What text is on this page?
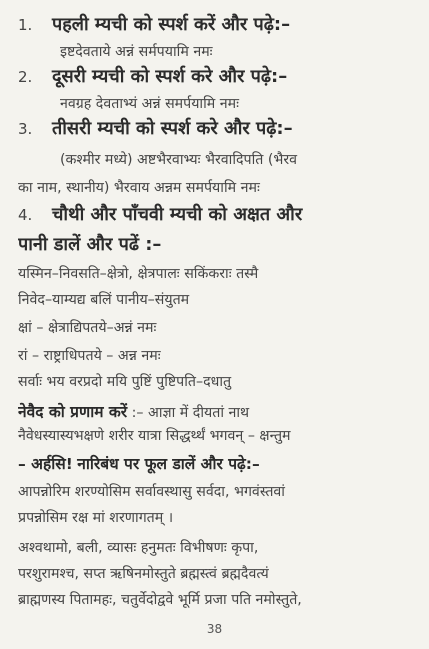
1. पहली म्यची को स्पर्श करें और पढ़े:–
इष्टदेवताये अन्नं सर्मपयामि नमः
2. दूसरी म्यची को स्पर्श करे और पढ़े:–
नवग्रह देवताभ्यं अन्नं समर्पयामि नमः
3. तीसरी म्यची को स्पर्श करे और पढ़े:–
(कश्मीर मध्ये) अष्टभैरवाभ्यः भैरवादिपति (भैरव
का नाम, स्थानीय) भैरवाय अन्नम समर्पयामि नमः
4. चौथी और पाँचवी म्यची को अक्षत और
पानी डालें और पढें :–
यस्मिन–निवसति–क्षेत्रो, क्षेत्रपालः सकिंकराः तस्मै
निवेद–याम्यद्य बलिं पानीय–संयुतम
क्षां – क्षेत्राद्यिपतये–अन्नं नमः
रां – राष्ट्राधिपतये – अन्न नमः
सर्वाः भय वरप्रदो मयि पुष्टिं पुष्टिपति–दधातु
नेवैद को प्रणाम करें :– आज्ञा में दीयतां नाथ
नैवेधस्यास्यभक्षणे शरीर यात्रा सिद्धर्थ्थं भगवन् – क्षन्तुम
– अर्हसि! नारिबंध पर फूल डालें और पढ़े:–
आपन्नोरिम शरण्योसिम सर्वावस्थासु सर्वदा, भगवंस्तवां
प्रपन्नोसिम रक्ष मां शरणागतम् ।
अश्वथामो, बली, व्यासः हनुमतः विभीषणः कृपा,
परशुरामश्च, सप्त ऋषिनमोस्तुते ब्रह्मस्त्वं ब्रह्मदैवत्यं
ब्राह्मणस्य पितामहः, चतुर्वेदोद्ववे भूर्मि प्रजा पति नमोस्तुते,
38
